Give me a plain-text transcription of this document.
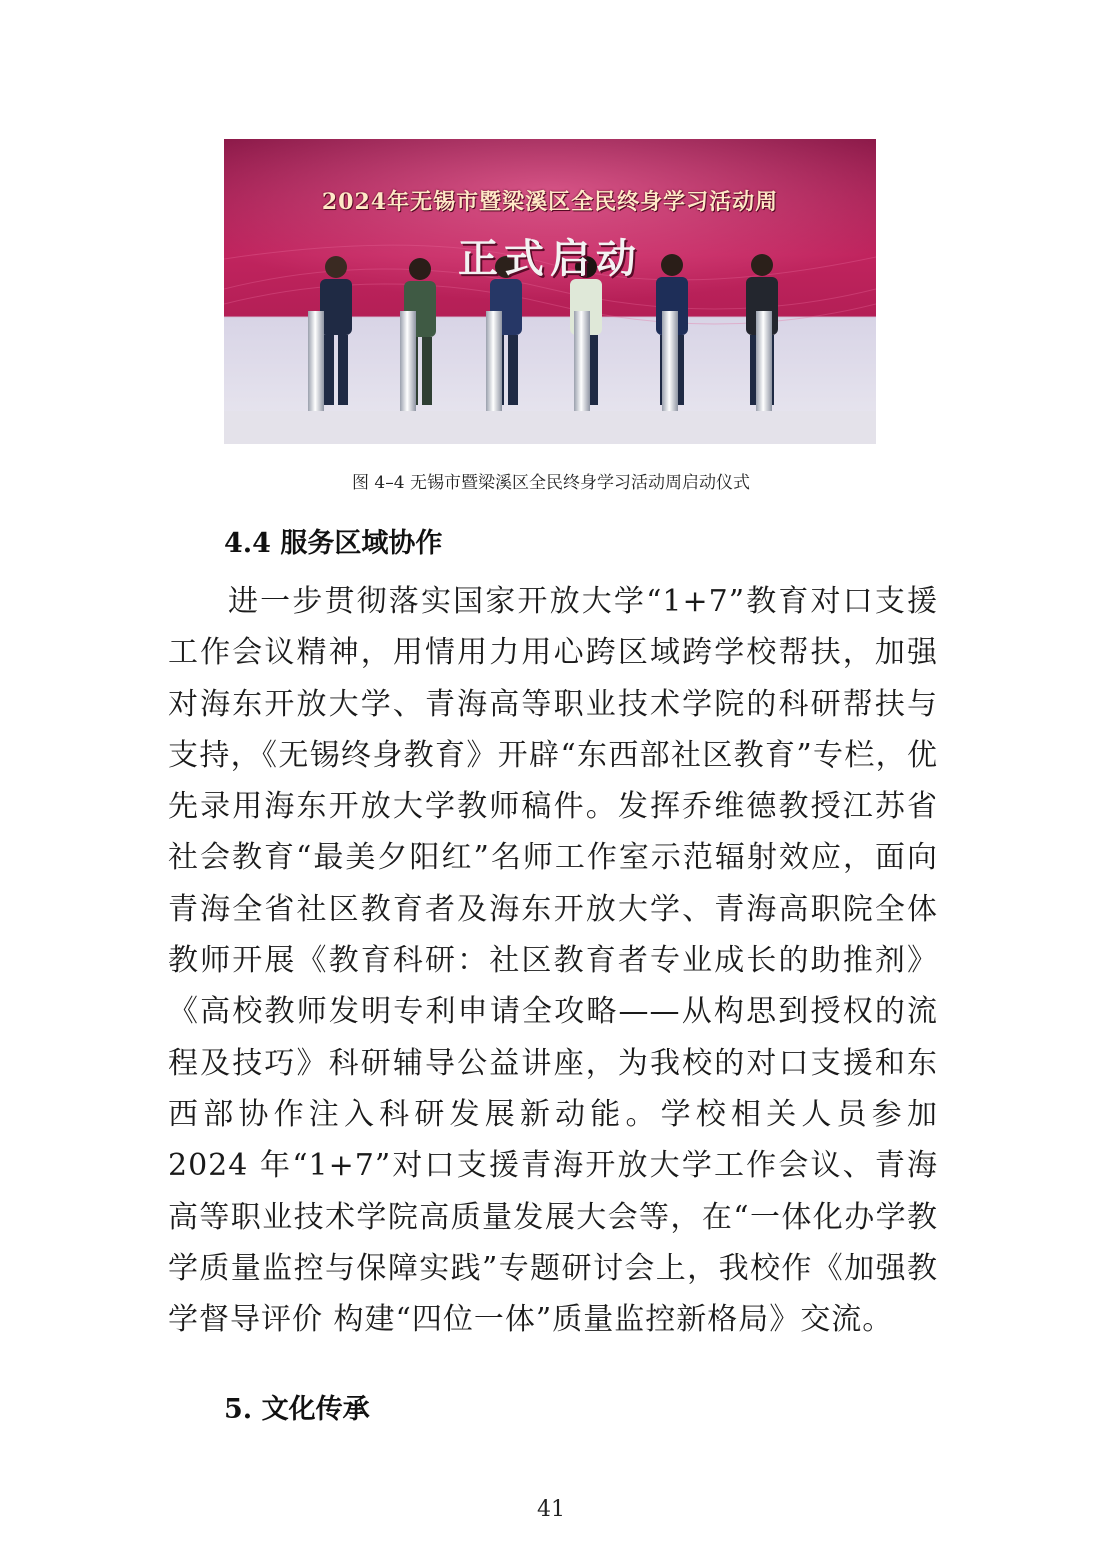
2024年无锡市暨梁溪区全民终身学习活动周
正式启动
图 4–4 无锡市暨梁溪区全民终身学习活动周启动仪式
4.4 服务区域协作
进一步贯彻落实国家开放大学“1+7”教育对口支援工作会议精神，用情用力用心跨区域跨学校帮扶，加强对海东开放大学、青海高等职业技术学院的科研帮扶与支持，《无锡终身教育》开辟“东西部社区教育”专栏，优先录用海东开放大学教师稿件。发挥乔维德教授江苏省社会教育“最美夕阳红”名师工作室示范辐射效应，面向青海全省社区教育者及海东开放大学、青海高职院全体教师开展《教育科研：社区教育者专业成长的助推剂》《高校教师发明专利申请全攻略——从构思到授权的流程及技巧》科研辅导公益讲座，为我校的对口支援和东西部协作注入科研发展新动能。学校相关人员参加 2024 年“1+7”对口支援青海开放大学工作会议、青海高等职业技术学院高质量发展大会等，在“一体化办学教学质量监控与保障实践”专题研讨会上，我校作《加强教学督导评价 构建“四位一体”质量监控新格局》交流。
5. 文化传承
41
